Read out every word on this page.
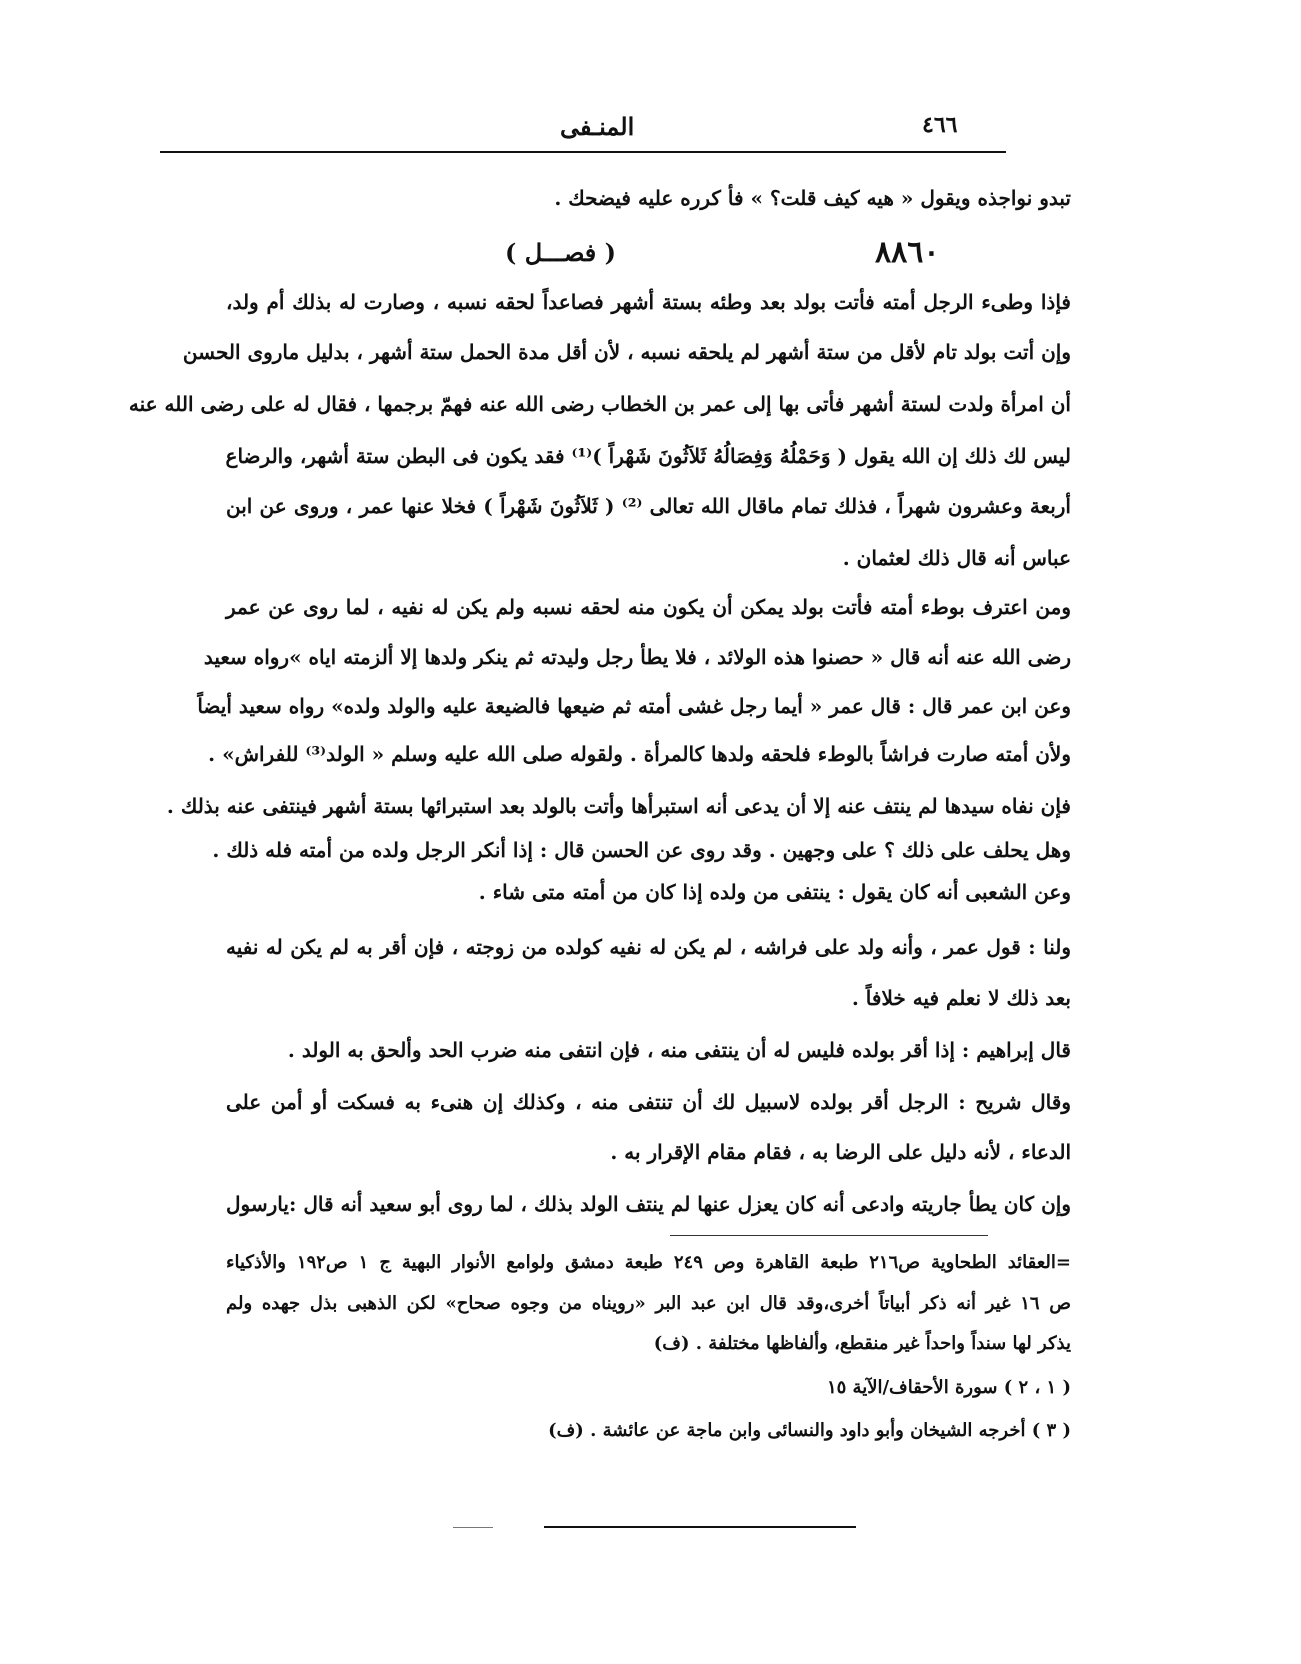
٤٦٦
المنـفى
تبدو نواجذه ويقول « هيه كيف قلت؟ » فأ كرره عليه فيضحك .
٨٨٦٠
( فصـــل )
فإذا وطىء الرجل أمته فأتت بولد بعد وطئه بستة أشهر فصاعداً لحقه نسبه ، وصارت له بذلك أم ولد،
وإن أتت بولد تام لأقل من ستة أشهر لم يلحقه نسبه ، لأن أقل مدة الحمل ستة أشهر ، بدليل ماروى الحسن
أن امرأة ولدت لستة أشهر فأتى بها إلى عمر بن الخطاب رضى الله عنه فهمّ برجمها ، فقال له على رضى الله عنه
ليس لك ذلك إن الله يقول ( وَحَمْلُهُ وَفِصَالُهُ ثَلاَثُونَ شَهْراً )⁽¹⁾ فقد يكون فى البطن ستة أشهر، والرضاع
أربعة وعشرون شهراً ، فذلك تمام ماقال الله تعالى ⁽²⁾ ( ثَلاَثُونَ شَهْراً ) فخلا عنها عمر ، وروى عن ابن
عباس أنه قال ذلك لعثمان .
ومن اعترف بوطء أمته فأتت بولد يمكن أن يكون منه لحقه نسبه ولم يكن له نفيه ، لما روى عن عمر
رضى الله عنه أنه قال « حصنوا هذه الولائد ، فلا يطأ رجل وليدته ثم ينكر ولدها إلا ألزمته اياه »رواه سعيد
وعن ابن عمر قال : قال عمر « أيما رجل غشى أمته ثم ضيعها فالضيعة عليه والولد ولده» رواه سعيد أيضاً
ولأن أمته صارت فراشاً بالوطء فلحقه ولدها كالمرأة . ولقوله صلى الله عليه وسلم « الولد⁽³⁾ للفراش» .
فإن نفاه سيدها لم ينتف عنه إلا أن يدعى أنه استبرأها وأتت بالولد بعد استبرائها بستة أشهر فينتفى عنه بذلك .
وهل يحلف على ذلك ؟ على وجهين . وقد روى عن الحسن قال : إذا أنكر الرجل ولده من أمته فله ذلك .
وعن الشعبى أنه كان يقول : ينتفى من ولده إذا كان من أمته متى شاء .
ولنا : قول عمر ، وأنه ولد على فراشه ، لم يكن له نفيه كولده من زوجته ، فإن أقر به لم يكن له نفيه
بعد ذلك لا نعلم فيه خلافاً .
قال إبراهيم : إذا أقر بولده فليس له أن ينتفى منه ، فإن انتفى منه ضرب الحد وألحق به الولد .
وقال شريح : الرجل أقر بولده لاسبيل لك أن تنتفى منه ، وكذلك إن هنىء به فسكت أو أمن على
الدعاء ، لأنه دليل على الرضا به ، فقام مقام الإقرار به .
وإن كان يطأ جاريته وادعى أنه كان يعزل عنها لم ينتف الولد بذلك ، لما روى أبو سعيد أنه قال :يارسول
=العقائد الطحاوية ص٢١٦ طبعة القاهرة وص ٢٤٩ طبعة دمشق ولوامع الأنوار البهية ج ١ ص١٩٢ والأذكياء
ص ١٦ غير أنه ذكر أبياتاً أخرى،وقد قال ابن عبد البر «رويناه من وجوه صحاح» لكن الذهبى بذل جهده ولم
يذكر لها سنداً واحداً غير منقطع، وألفاظها مختلفة . (ف)
( ١ ، ٢ ) سورة الأحقاف/الآية ١٥
( ٣ ) أخرجه الشيخان وأبو داود والنسائى وابن ماجة عن عائشة . (ف)
